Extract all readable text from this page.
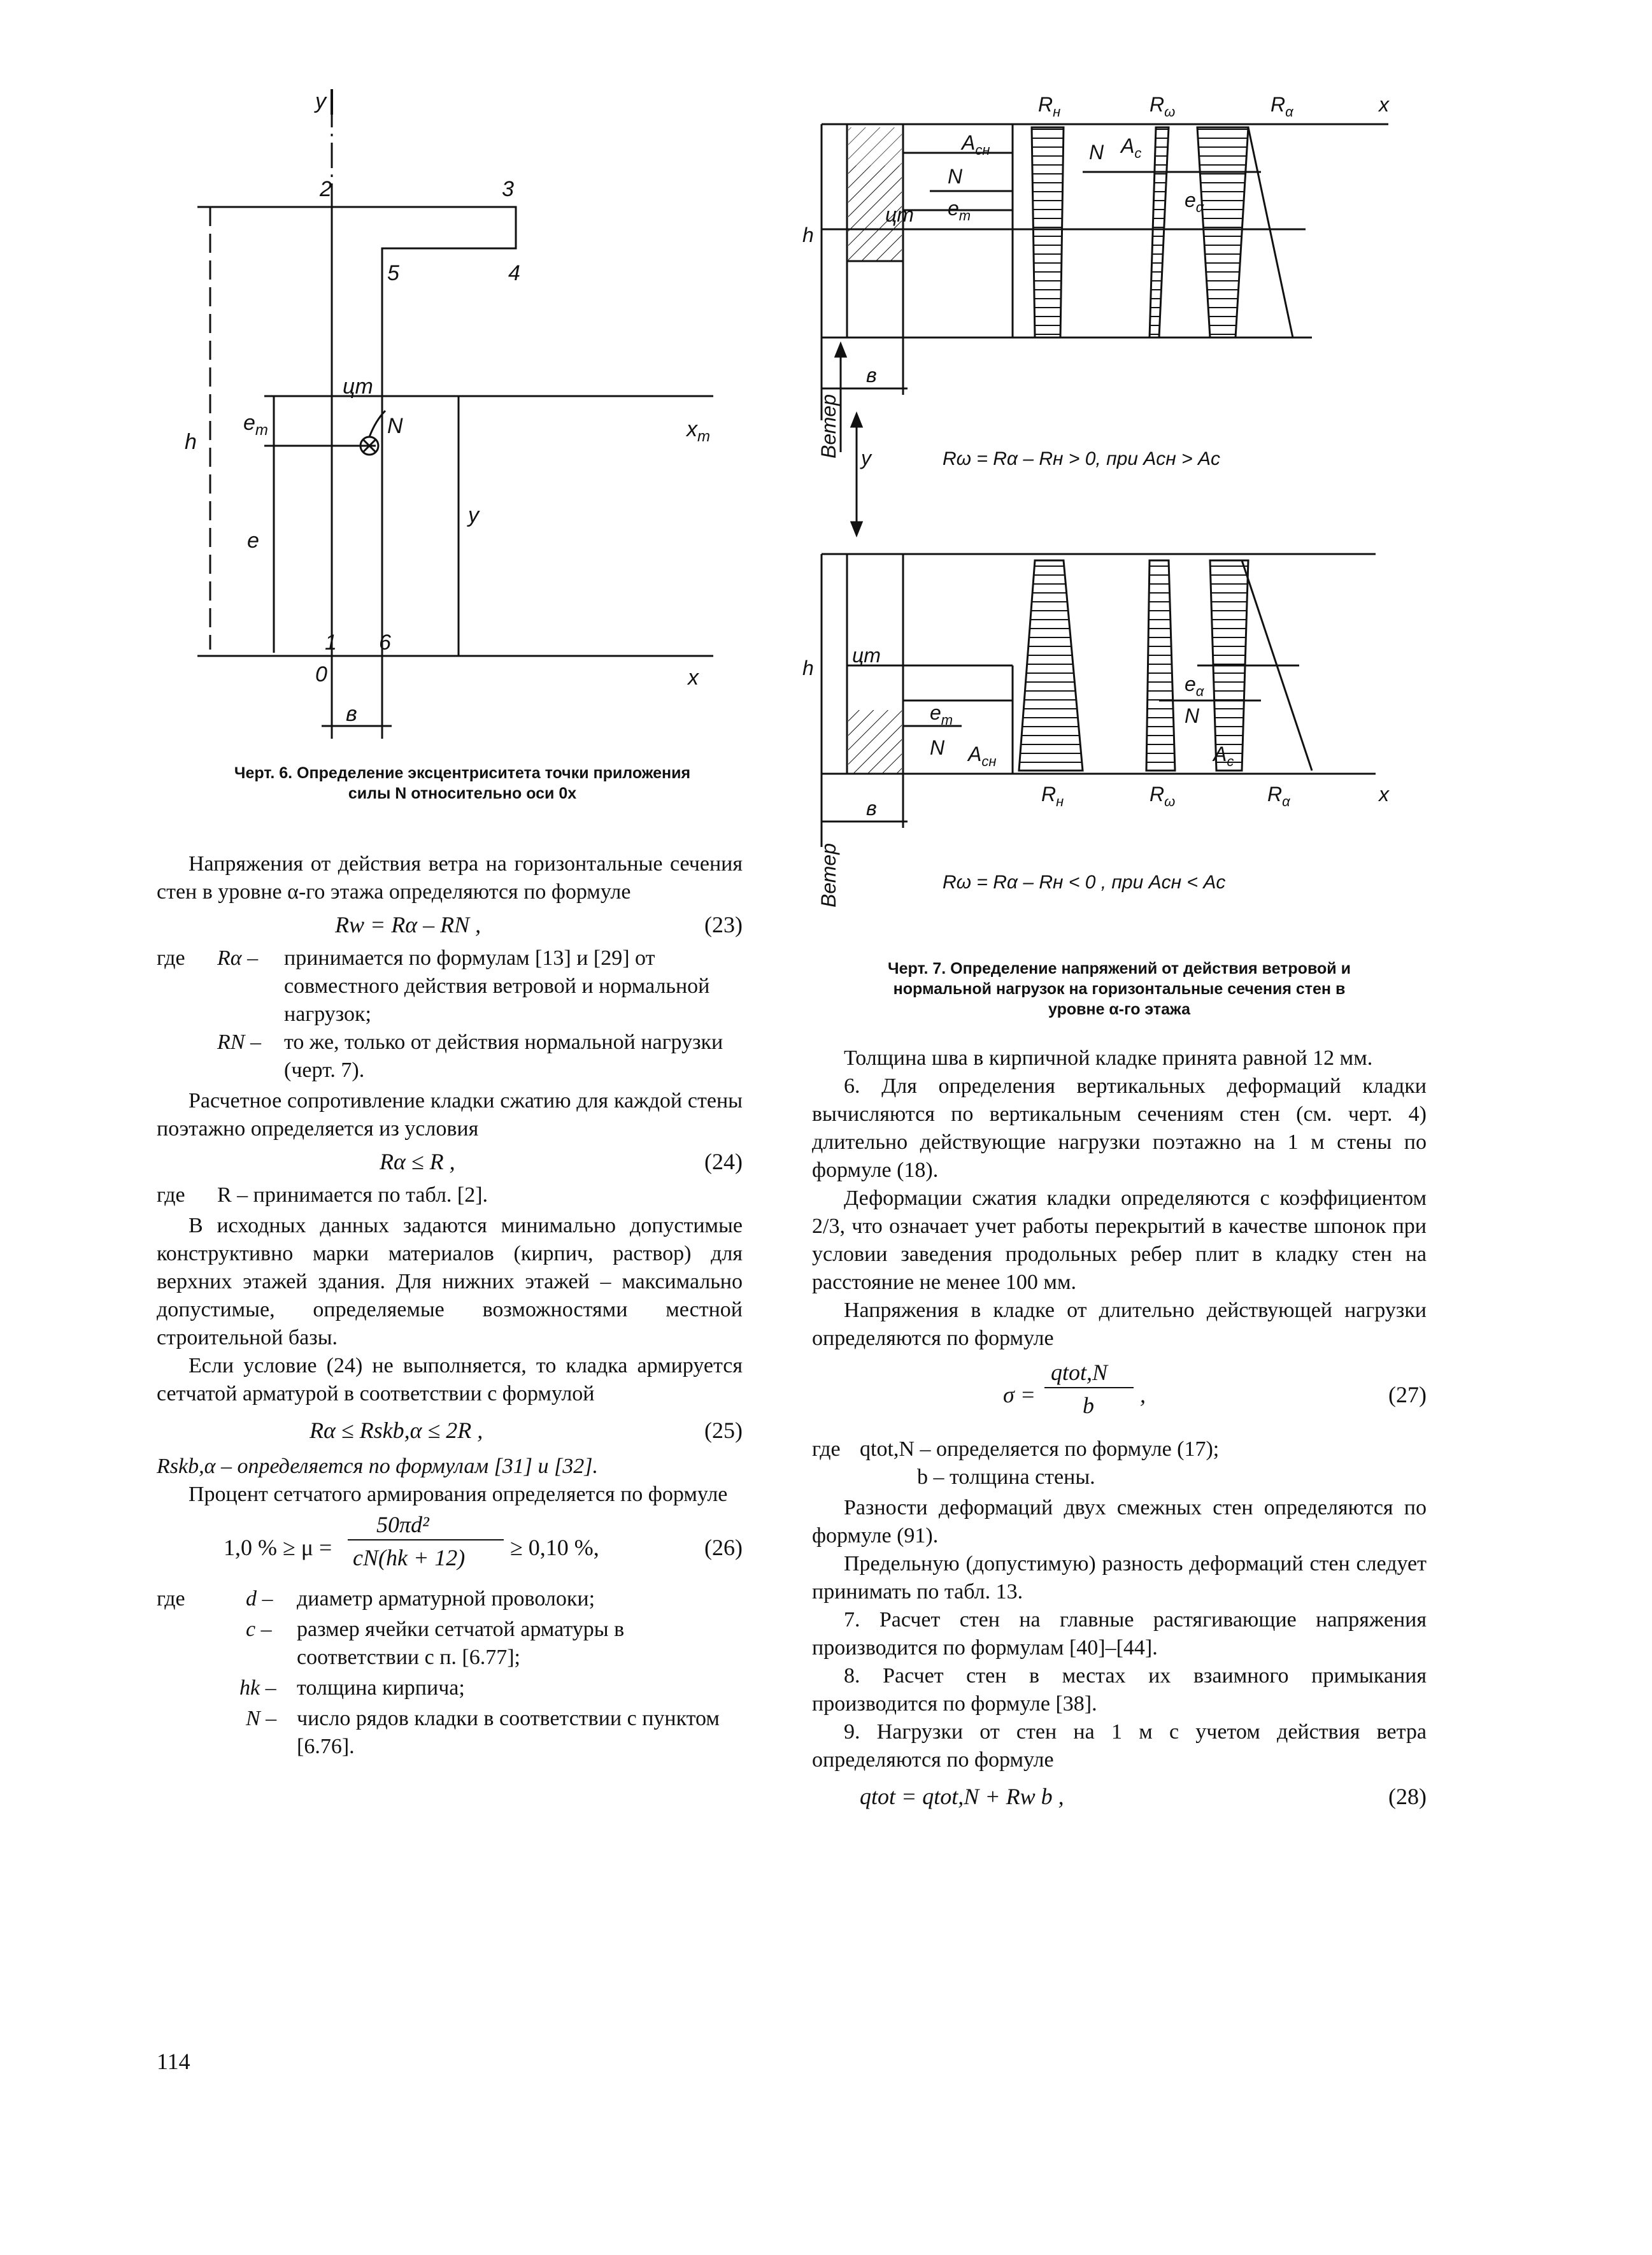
y
2	3
4
5
цт
N	$x_m$
h
$e_m$
e
y
1 6
0	x
в
Черт. 6. Определение эксцентриситета точки приложения
силы N относительно оси 0x
$R_н$	$R_\omega$	$R_\alpha$	x
$A_{сн}$	N $A_c$
N
$e_m$
цт
$e_\alpha$
h
в
y
Ветер
Rω = Rα – Rн > 0, при Aсн > Aс
h
цт
$e_\alpha$
$e_m$	N
N $A_{сн}$	$A_c$
$R_н$	$R_\omega$	$R_\alpha$	x
в
Ветер	Rω = Rα – Rн < 0 , при Aсн < Aс
Черт. 7. Определение напряжений от действия ветровой и
нормальной нагрузок на горизонтальные сечения стен в
уровне α-го этажа

Напряжения от действия ветра на горизонтальные сечения стен в уровне α-го этажа определяются по формуле

Rw = Rα – RN ,	(23)
где Rα – принимается по формулам [13] и [29] от совместного действия ветровой и нормальной нагрузок;
RN – то же, только от действия нормальной нагрузки (черт. 7).

Расчетное сопротивление кладки сжатию для каждой стены поэтажно определяется из условия

Rα ≤ R ,	(24)
где R – принимается по табл. [2].

В исходных данных задаются минимально допустимые конструктивно марки материалов (кирпич, раствор) для верхних этажей здания. Для нижних этажей – максимально допустимые, определяемые возможностями местной строительной базы.

Если условие (24) не выполняется, то кладка армируется сетчатой арматурой в соответствии с формулой

Rα ≤ Rskb,α ≤ 2R ,	(25)

Rskb,α – определяется по формулам [31] и [32].

Процент сетчатого армирования определяется по формуле

1,0 % ≥ μ =
50πd²
cN(hk + 12) ≥ 0,10 %,	(26)
где	d – диаметр арматурной проволоки;
c – размер ячейки сетчатой арматуры в соответствии с п. [6.77];
hk – толщина кирпича;
N – число рядов кладки в соответствии с пунктом [6.76].

Толщина шва в кирпичной кладке принята равной 12 мм.

6. Для определения вертикальных деформаций кладки вычисляются по вертикальным сечениям стен (см. черт. 4) длительно действующие нагрузки поэтажно на 1 м стены по формуле (18).

Деформации сжатия кладки определяются с коэффициентом 2/3, что означает учет работы перекрытий в качестве шпонок при условии заведения продольных ребер плит в кладку стен на расстояние не менее 100 мм.

Напряжения в кладке от длительно действующей нагрузки определяются по формуле

σ =
qtot,N
b ,	(27)
где qtot,N – определяется по формуле (17);
b – толщина стены.

Разности деформаций двух смежных стен определяются по формуле (91).

Предельную (допустимую) разность деформаций стен следует принимать по табл. 13.

7. Расчет стен на главные растягивающие напряжения производится по формулам [40]–[44].

8. Расчет стен в местах их взаимного примыкания производится по формуле [38].

9. Нагрузки от стен на 1 м с учетом действия ветра определяются по формуле

qtot = qtot,N + Rw b ,	(28)
114
